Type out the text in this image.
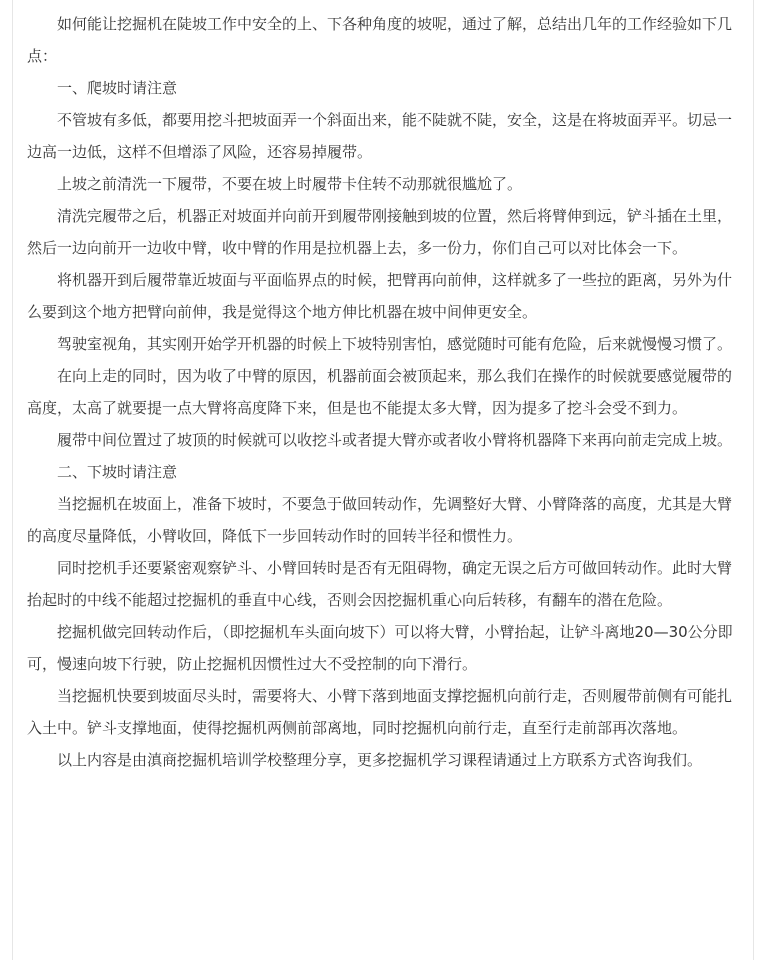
如何能让挖掘机在陡坡工作中安全的上、下各种角度的坡呢，通过了解，总结出几年的工作经验如下几点：

一、爬坡时请注意

不管坡有多低，都要用挖斗把坡面弄一个斜面出来，能不陡就不陡，安全，这是在将坡面弄平。切忌一边高一边低，这样不但增添了风险，还容易掉履带。

上坡之前清洗一下履带，不要在坡上时履带卡住转不动那就很尴尬了。

清洗完履带之后，机器正对坡面并向前开到履带刚接触到坡的位置，然后将臂伸到远，铲斗插在土里，然后一边向前开一边收中臂，收中臂的作用是拉机器上去，多一份力，你们自己可以对比体会一下。

将机器开到后履带靠近坡面与平面临界点的时候，把臂再向前伸，这样就多了一些拉的距离，另外为什么要到这个地方把臂向前伸，我是觉得这个地方伸比机器在坡中间伸更安全。

驾驶室视角，其实刚开始学开机器的时候上下坡特别害怕，感觉随时可能有危险，后来就慢慢习惯了。

在向上走的同时，因为收了中臂的原因，机器前面会被顶起来，那么我们在操作的时候就要感觉履带的高度，太高了就要提一点大臂将高度降下来，但是也不能提太多大臂，因为提多了挖斗会受不到力。

履带中间位置过了坡顶的时候就可以收挖斗或者提大臂亦或者收小臂将机器降下来再向前走完成上坡。

二、下坡时请注意

当挖掘机在坡面上，准备下坡时，不要急于做回转动作，先调整好大臂、小臂降落的高度，尤其是大臂的高度尽量降低，小臂收回，降低下一步回转动作时的回转半径和惯性力。

同时挖机手还要紧密观察铲斗、小臂回转时是否有无阻碍物，确定无误之后方可做回转动作。此时大臂抬起时的中线不能超过挖掘机的垂直中心线，否则会因挖掘机重心向后转移，有翻车的潜在危险。

挖掘机做完回转动作后，（即挖掘机车头面向坡下）可以将大臂，小臂抬起，让铲斗离地20—30公分即可，慢速向坡下行驶，防止挖掘机因惯性过大不受控制的向下滑行。

当挖掘机快要到坡面尽头时，需要将大、小臂下落到地面支撑挖掘机向前行走，否则履带前侧有可能扎入土中。铲斗支撑地面，使得挖掘机两侧前部离地，同时挖掘机向前行走，直至行走前部再次落地。

以上内容是由滇商挖掘机培训学校整理分享，更多挖掘机学习课程请通过上方联系方式咨询我们。
